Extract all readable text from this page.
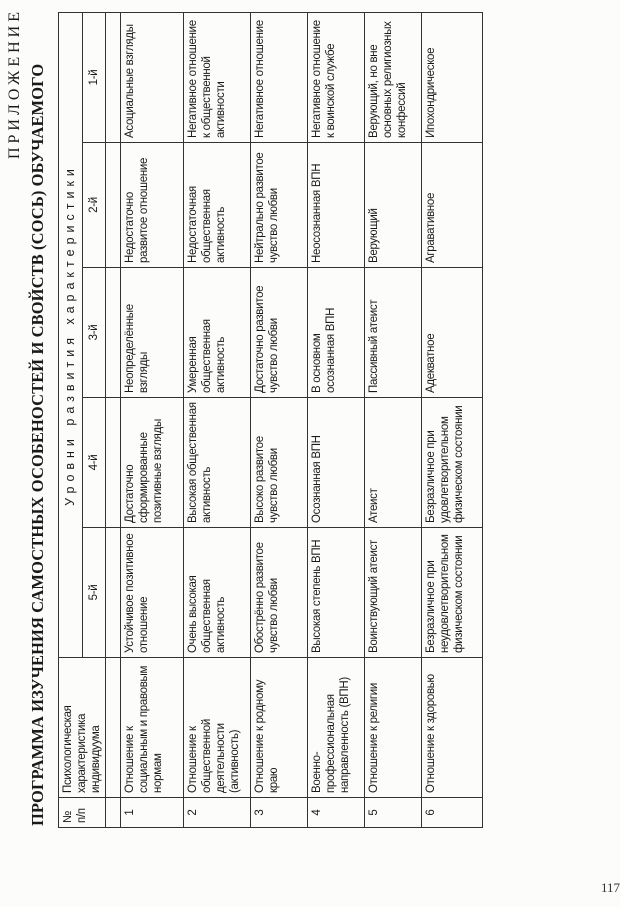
ПРИЛОЖЕНИЕ ПРОГРАММА ИЗУЧЕНИЯ САМОСТНЫХ ОСОБЕНОСТЕЙ И СВОЙСТВ (СОСЬ) ОБУЧАЕМОГО	№ п/п	Психологическая характеристика индивидуума	Уровни развития характеристики				
		5-й	4-й	3-й	2-й	1-й

1	Отношение к социальным и правовым нормам	Устойчивое позитивное отношение	Достаточно сформированные позитивные взгляды	Неопределённые взгляды	Недостаточно развитое отношение	Асоциальные взгляды
2	Отношение к общественной деятельности (активность)	Очень высокая общественная активность	Высокая общественная активность	Умеренная общественная активность	Недостаточная общественная активность	Негативное отношение к общественной активности
3	Отношение к родному краю	Обострённо развитое чувство любви	Высоко развитое чувство любви	Достаточно развитое чувство любви	Нейтрально развитое чувство любви	Негативное отношение
4	Военно-профессиональная направленность (ВПН)	Высокая степень ВПН	Осознанная ВПН	В основном осознанная ВПН	Неосознанная ВПН	Негативное отношение к воинской службе
5	Отношение к религии	Воинствующий атеист	Атеист	Пассивный атеист	Верующий	Верующий, но вне основных религиозных конфессий
6	Отношение к здоровью	Безразличное при неудовлетворительном физическом состоянии	Безразличное при удовлетворительном физическом состоянии	Адекватное	Агравативное	Ипохондрическое
117
